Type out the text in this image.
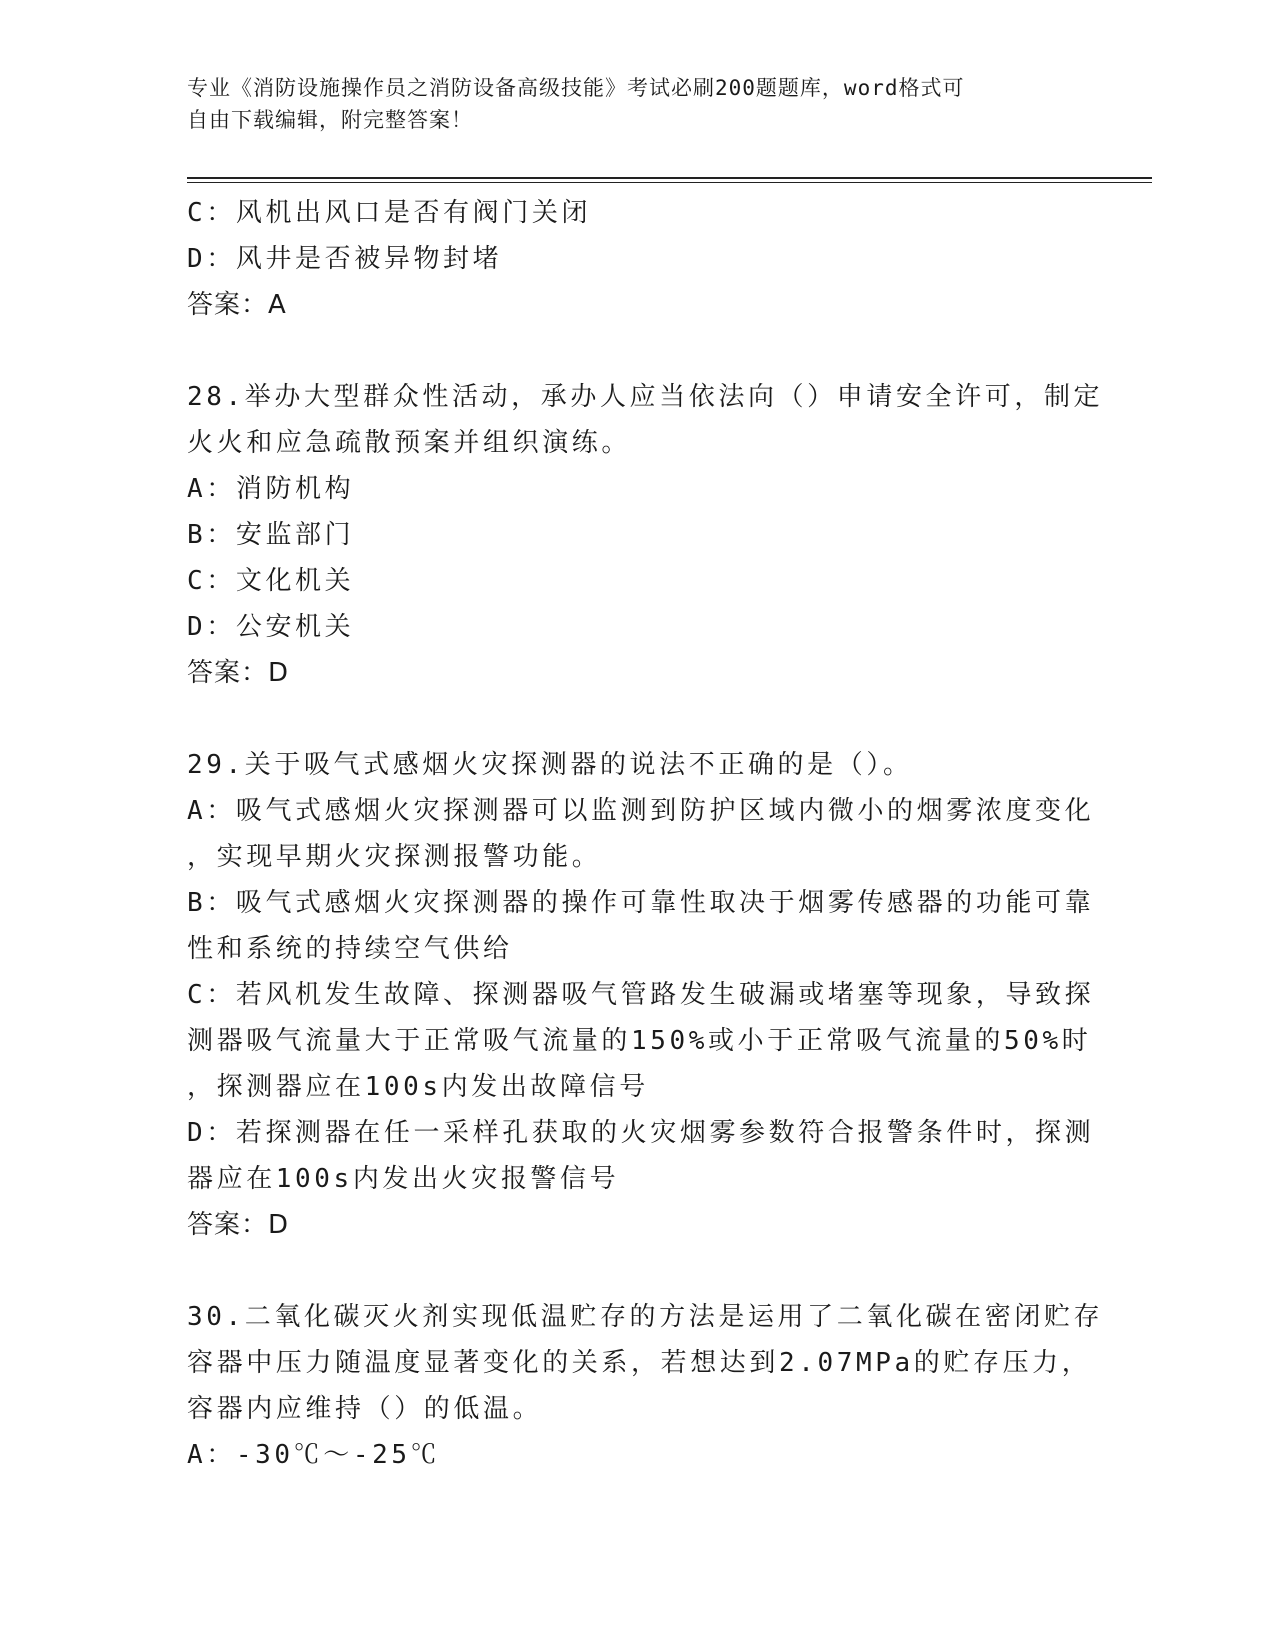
专业《消防设施操作员之消防设备高级技能》考试必刷200题题库，word格式可
自由下载编辑，附完整答案！
C：风机出风口是否有阀门关闭
D：风井是否被异物封堵
答案：A
28.举办大型群众性活动，承办人应当依法向（）申请安全许可，制定
火火和应急疏散预案并组织演练。
A：消防机构
B：安监部门
C：文化机关
D：公安机关
答案：D
29.关于吸气式感烟火灾探测器的说法不正确的是（）。
A：吸气式感烟火灾探测器可以监测到防护区域内微小的烟雾浓度变化
，实现早期火灾探测报警功能。
B：吸气式感烟火灾探测器的操作可靠性取决于烟雾传感器的功能可靠
性和系统的持续空气供给
C：若风机发生故障、探测器吸气管路发生破漏或堵塞等现象，导致探
测器吸气流量大于正常吸气流量的150%或小于正常吸气流量的50%时
，探测器应在100s内发出故障信号
D：若探测器在任一采样孔获取的火灾烟雾参数符合报警条件时，探测
器应在100s内发出火灾报警信号
答案：D
30.二氧化碳灭火剂实现低温贮存的方法是运用了二氧化碳在密闭贮存
容器中压力随温度显著变化的关系，若想达到2.07MPa的贮存压力，
容器内应维持（）的低温。
A：-30℃～-25℃
